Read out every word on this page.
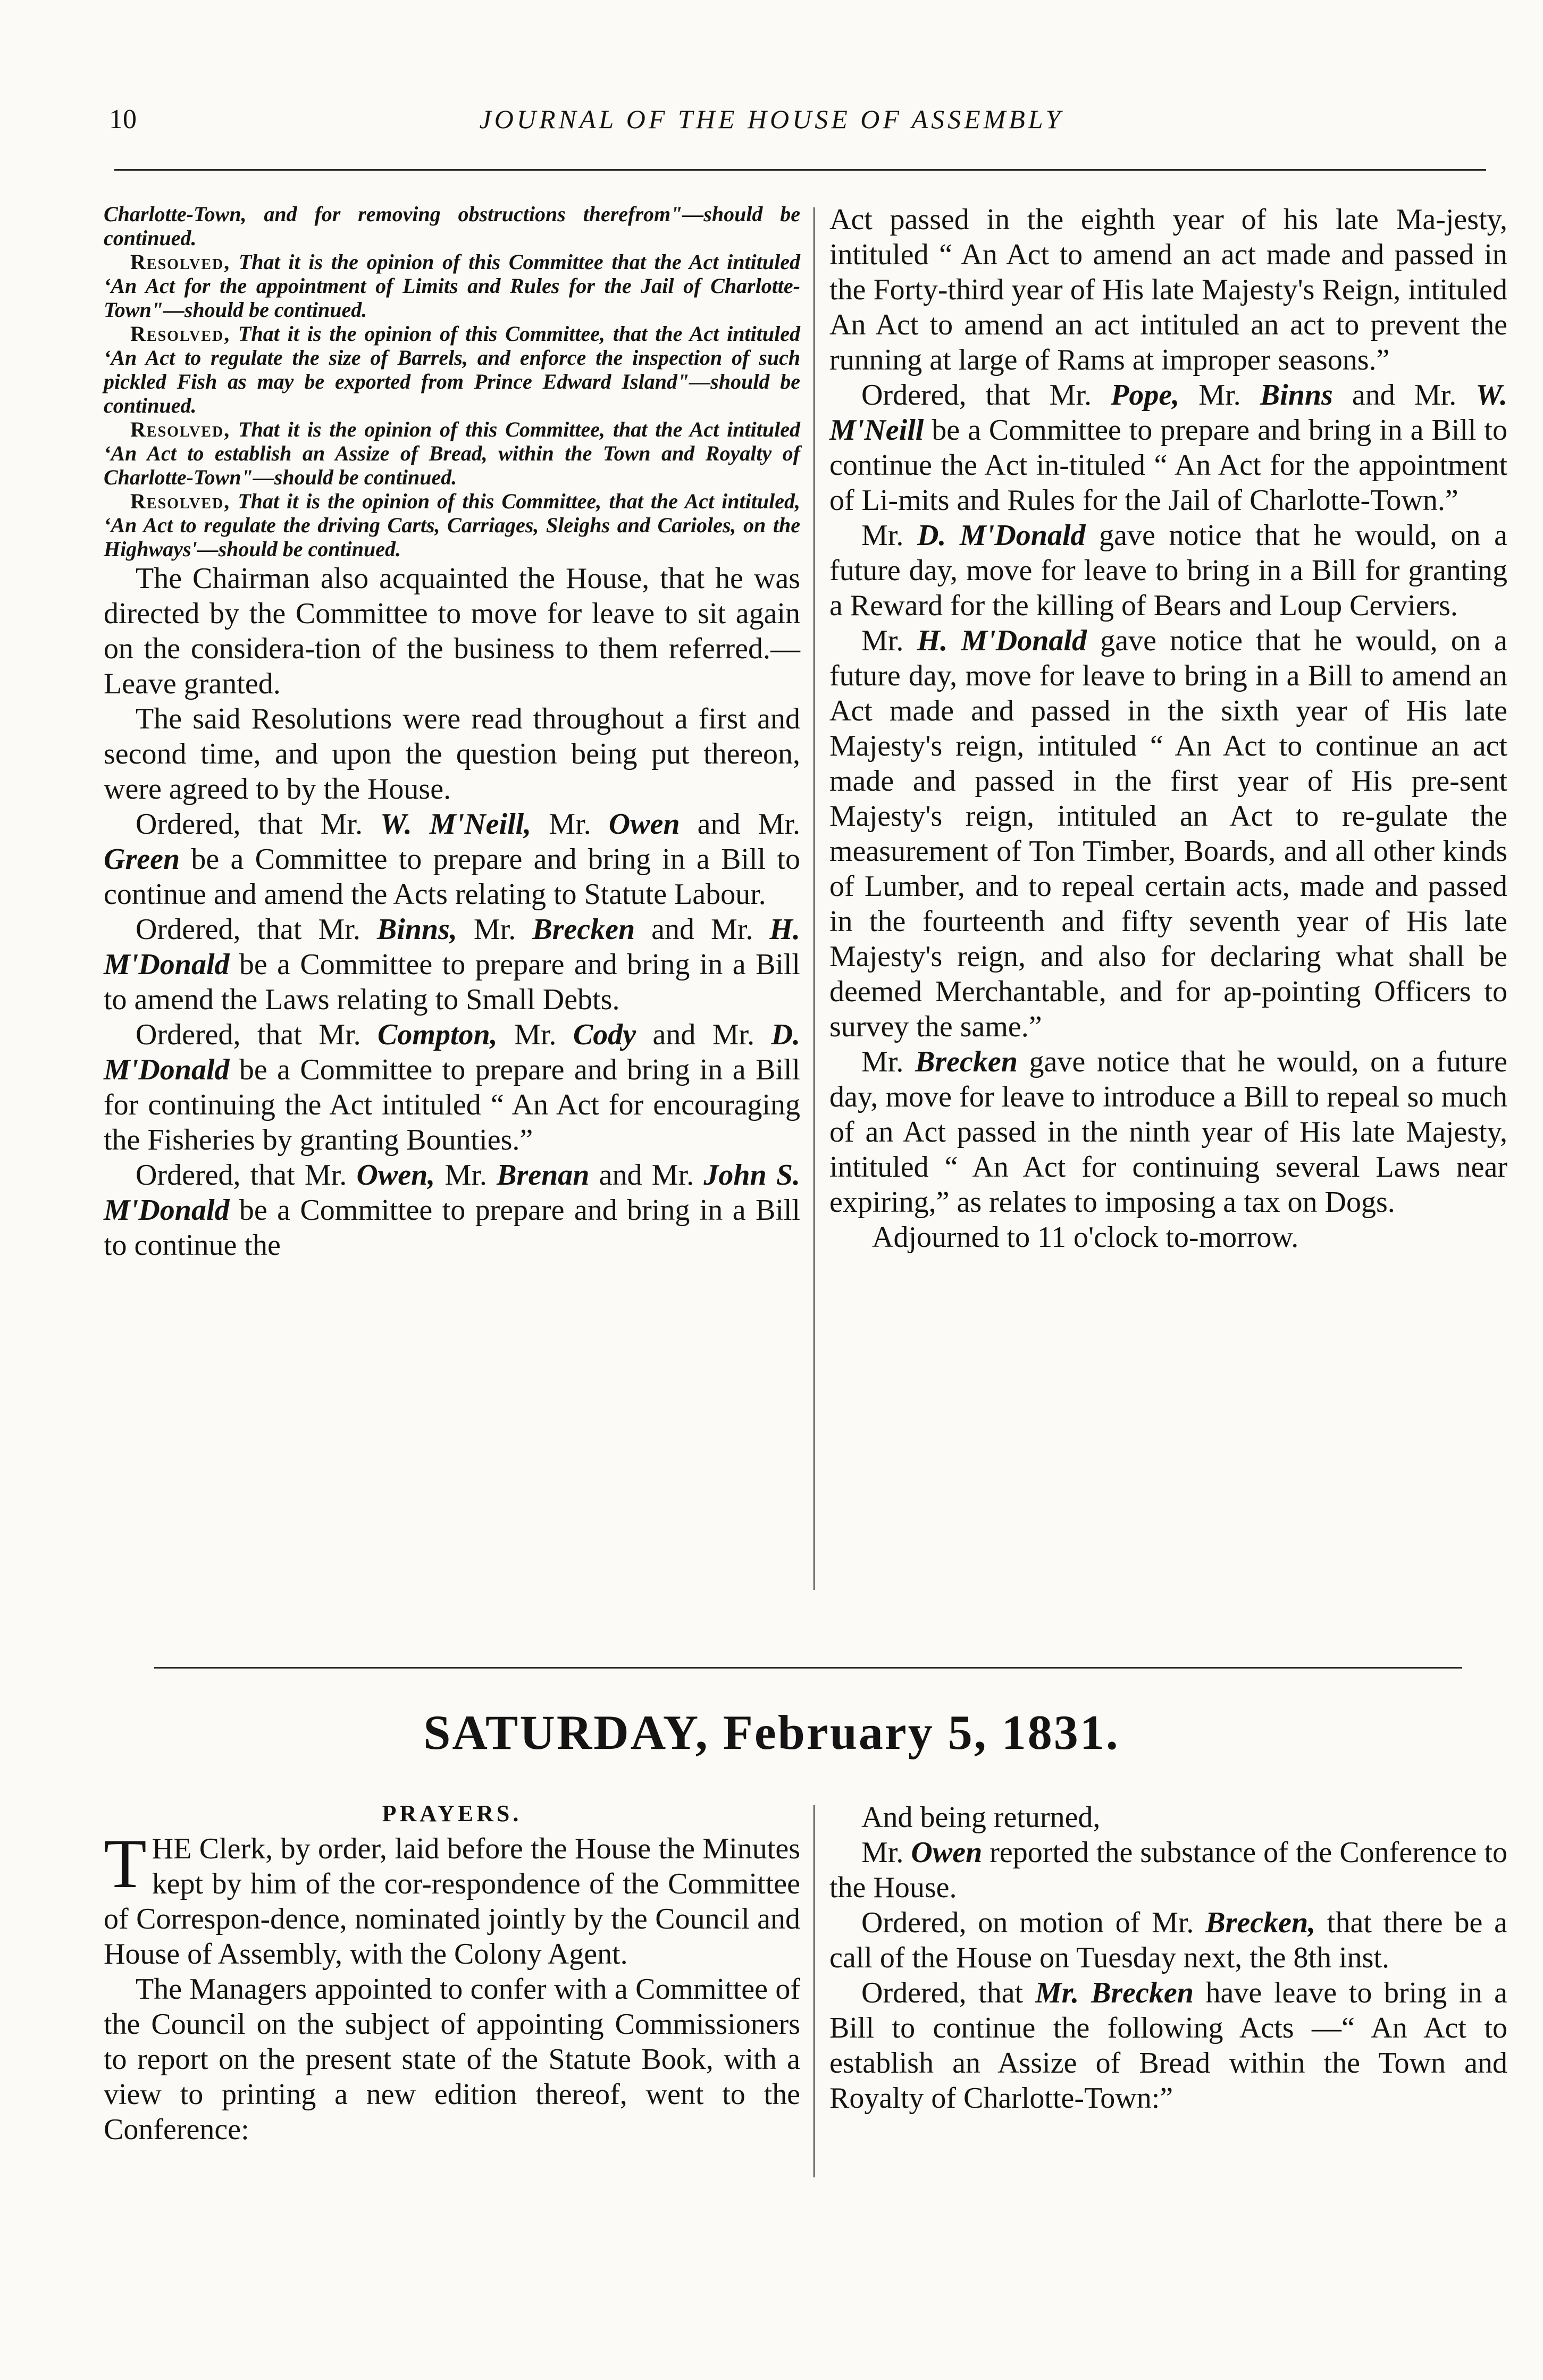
10	JOURNAL OF THE HOUSE OF ASSEMBLY

Charlotte-Town, and for removing obstructions therefrom"—should be continued.

Resolved, That it is the opinion of this Committee that the Act intituled ‘An Act for the appointment of Limits and Rules for the Jail of Charlotte-Town"—should be continued.

Resolved, That it is the opinion of this Committee, that the Act intituled ‘An Act to regulate the size of Barrels, and enforce the inspection of such pickled Fish as may be exported from Prince Edward Island"—should be continued.

Resolved, That it is the opinion of this Committee, that the Act intituled ‘An Act to establish an Assize of Bread, within the Town and Royalty of Charlotte-Town"—should be continued.

Resolved, That it is the opinion of this Committee, that the Act intituled, ‘An Act to regulate the driving Carts, Carriages, Sleighs and Carioles, on the Highways'—should be continued.

The Chairman also acquainted the House, that he was directed by the Committee to move for leave to sit again on the considera-tion of the business to them referred.—Leave granted.

The said Resolutions were read throughout a first and second time, and upon the question being put thereon, were agreed to by the House.

Ordered, that Mr. W. M'Neill, Mr. Owen and Mr. Green be a Committee to prepare and bring in a Bill to continue and amend the Acts relating to Statute Labour.

Ordered, that Mr. Binns, Mr. Brecken and Mr. H. M'Donald be a Committee to prepare and bring in a Bill to amend the Laws relating to Small Debts.

Ordered, that Mr. Compton, Mr. Cody and Mr. D. M'Donald be a Committee to prepare and bring in a Bill for continuing the Act intituled “ An Act for encouraging the Fisheries by granting Bounties.”

Ordered, that Mr. Owen, Mr. Brenan and Mr. John S. M'Donald be a Committee to prepare and bring in a Bill to continue the

Act passed in the eighth year of his late Ma-jesty, intituled “ An Act to amend an act made and passed in the Forty-third year of His late Majesty's Reign, intituled An Act to amend an act intituled an act to prevent the running at large of Rams at improper seasons.”

Ordered, that Mr. Pope, Mr. Binns and Mr. W. M'Neill be a Committee to prepare and bring in a Bill to continue the Act in-tituled “ An Act for the appointment of Li-mits and Rules for the Jail of Charlotte-Town.”

Mr. D. M'Donald gave notice that he would, on a future day, move for leave to bring in a Bill for granting a Reward for the killing of Bears and Loup Cerviers.

Mr. H. M'Donald gave notice that he would, on a future day, move for leave to bring in a Bill to amend an Act made and passed in the sixth year of His late Majesty's reign, intituled “ An Act to continue an act made and passed in the first year of His pre-sent Majesty's reign, intituled an Act to re-gulate the measurement of Ton Timber, Boards, and all other kinds of Lumber, and to repeal certain acts, made and passed in the fourteenth and fifty seventh year of His late Majesty's reign, and also for declaring what shall be deemed Merchantable, and for ap-pointing Officers to survey the same.”

Mr. Brecken gave notice that he would, on a future day, move for leave to introduce a Bill to repeal so much of an Act passed in the ninth year of His late Majesty, intituled “ An Act for continuing several Laws near expiring,” as relates to imposing a tax on Dogs.

Adjourned to 11 o'clock to-morrow.

SATURDAY, February 5, 1831.

PRAYERS.

THE Clerk, by order, laid before the House the Minutes kept by him of the cor-respondence of the Committee of Correspon-dence, nominated jointly by the Council and House of Assembly, with the Colony Agent.

The Managers appointed to confer with a Committee of the Council on the subject of appointing Commissioners to report on the present state of the Statute Book, with a view to printing a new edition thereof, went to the Conference:

And being returned,

Mr. Owen reported the substance of the Conference to the House.

Ordered, on motion of Mr. Brecken, that there be a call of the House on Tuesday next, the 8th inst.

Ordered, that Mr. Brecken have leave to bring in a Bill to continue the following Acts —“ An Act to establish an Assize of Bread within the Town and Royalty of Charlotte-Town:”
